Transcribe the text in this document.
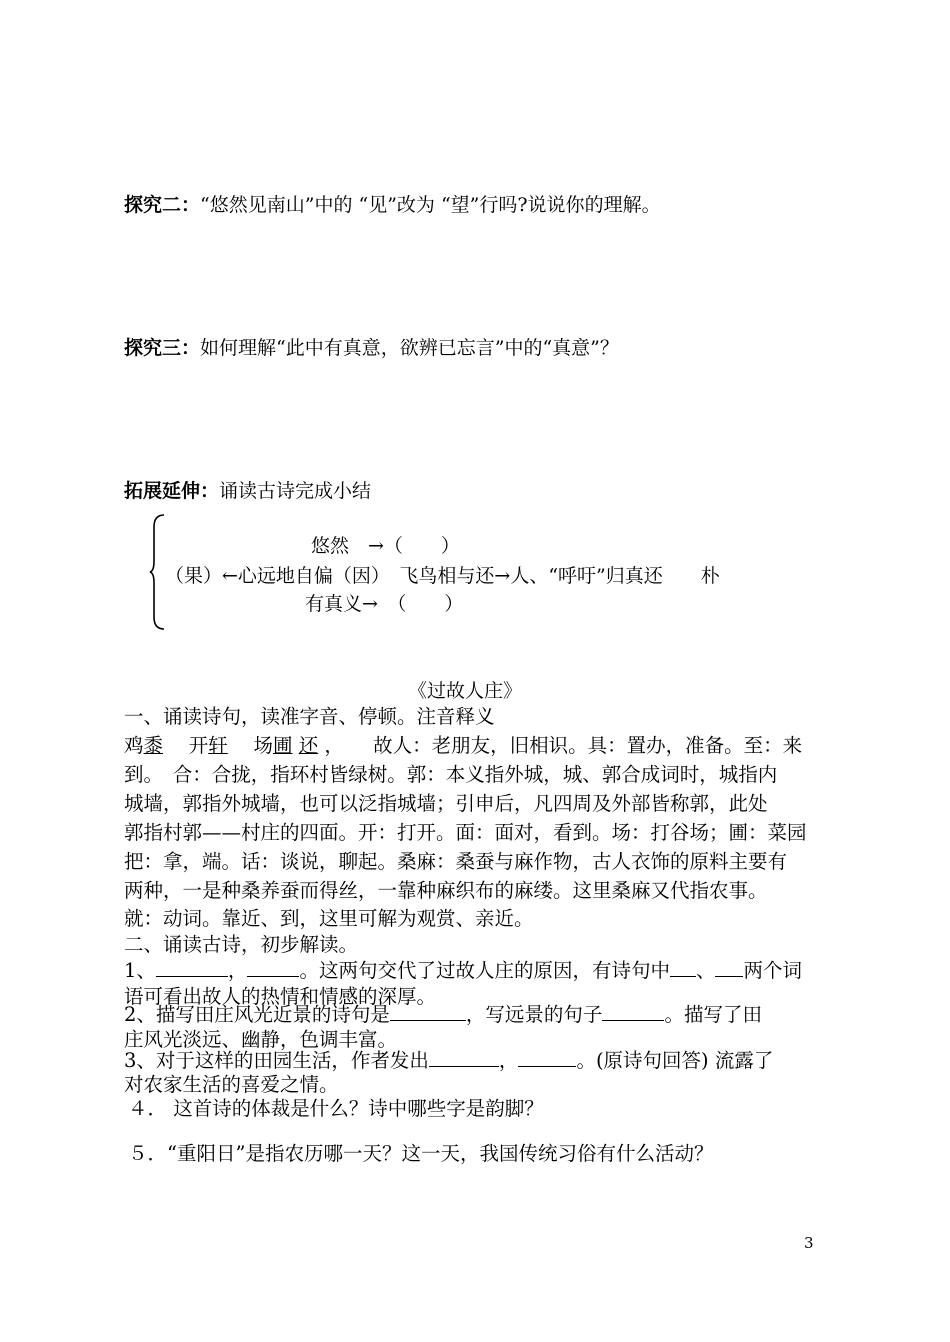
探究二：“悠然见南山”中的 “见”改为 “望”行吗?说说你的理解。
探究三：如何理解“此中有真意，欲辨已忘言”中的“真意”？
拓展延伸：诵读古诗完成小结
悠然　→（　　）
（果）←心远地自偏（因）　飞鸟相与还→人、“呼吁”归真还　　朴
有真义→　（　　）
《过故人庄》
一、诵读诗句，读准字音、停顿。注音释义
鸡黍　 开轩　 场圃 还 ，　　故人：老朋友，旧相识。具：置办，准备。至：来
到。　合：合拢，指环村皆绿树。郭：本义指外城，城、郭合成词时，城指内
城墙，郭指外城墙，也可以泛指城墙；引申后，凡四周及外部皆称郭，此处
郭指村郭——村庄的四面。开：打开。面：面对，看到。场：打谷场；圃：菜园
把：拿，端。话：谈说，聊起。桑麻：桑蚕与麻作物，古人衣饰的原料主要有
两种，一是种桑养蚕而得丝，一靠种麻织布的麻缕。这里桑麻又代指农事。
就：动词。靠近、到，这里可解为观赏、亲近。
二、诵读古诗，初步解读。
1、	，	。这两句交代了过故人庄的原因，有诗句中 、 两个词
语可看出故人的热情和情感的深厚。
2、描写田庄风光近景的诗句是	，写远景的句子	。描写了田
庄风光淡远、幽静，色调丰富。
3、对于这样的田园生活，作者发出	，	。(原诗句回答) 流露了
对农家生活的喜爱之情。
４． 这首诗的体裁是什么？诗中哪些字是韵脚？
５．“重阳日”是指农历哪一天？这一天，我国传统习俗有什么活动？
3
